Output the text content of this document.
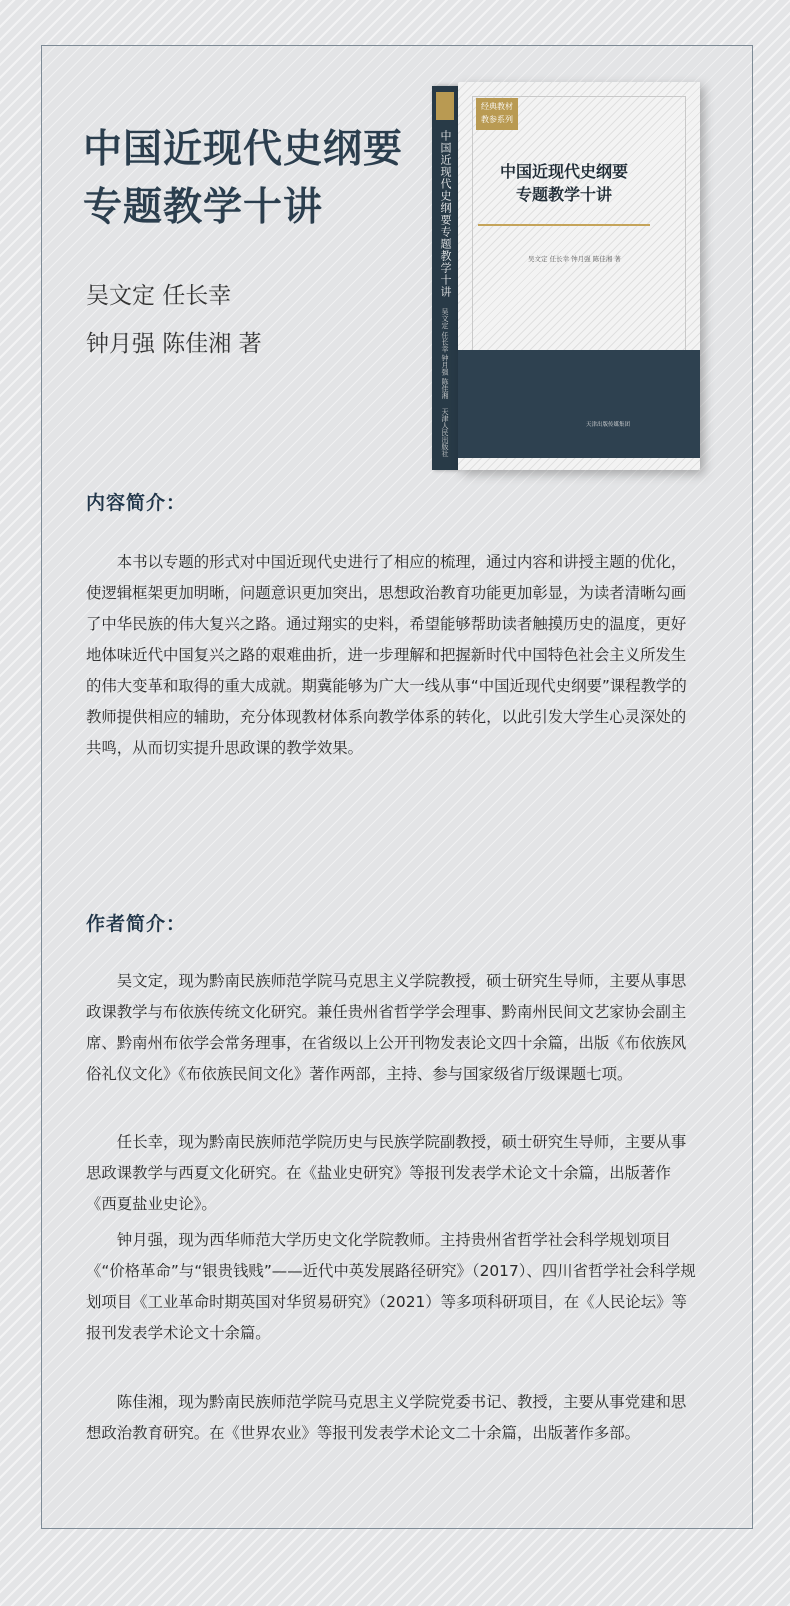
中国近现代史纲要
专题教学十讲
吴文定 任长幸
钟月强 陈佳湘 著
中国近现代史纲要专题教学十讲
吴文定 任长幸 钟月强 陈佳湘
天津人民出版社
经典教材 教参系列
中国近现代史纲要
专题教学十讲
吴文定 任长幸 钟月强 陈佳湘 著
天津出版传媒集团
内容简介：

本书以专题的形式对中国近现代史进行了相应的梳理，通过内容和讲授主题的优化，使逻辑框架更加明晰，问题意识更加突出，思想政治教育功能更加彰显，为读者清晰勾画了中华民族的伟大复兴之路。通过翔实的史料，希望能够帮助读者触摸历史的温度，更好地体味近代中国复兴之路的艰难曲折，进一步理解和把握新时代中国特色社会主义所发生的伟大变革和取得的重大成就。期冀能够为广大一线从事“中国近现代史纲要”课程教学的教师提供相应的辅助，充分体现教材体系向教学体系的转化，以此引发大学生心灵深处的共鸣，从而切实提升思政课的教学效果。

作者简介：

吴文定，现为黔南民族师范学院马克思主义学院教授，硕士研究生导师，主要从事思政课教学与布依族传统文化研究。兼任贵州省哲学学会理事、黔南州民间文艺家协会副主席、黔南州布依学会常务理事，在省级以上公开刊物发表论文四十余篇，出版《布依族风俗礼仪文化》《布依族民间文化》著作两部，主持、参与国家级省厅级课题七项。

任长幸，现为黔南民族师范学院历史与民族学院副教授，硕士研究生导师，主要从事思政课教学与西夏文化研究。在《盐业史研究》等报刊发表学术论文十余篇，出版著作《西夏盐业史论》。

钟月强，现为西华师范大学历史文化学院教师。主持贵州省哲学社会科学规划项目《“价格革命”与“银贵钱贱”——近代中英发展路径研究》（2017）、四川省哲学社会科学规划项目《工业革命时期英国对华贸易研究》（2021）等多项科研项目，在《人民论坛》等报刊发表学术论文十余篇。

陈佳湘，现为黔南民族师范学院马克思主义学院党委书记、教授，主要从事党建和思想政治教育研究。在《世界农业》等报刊发表学术论文二十余篇，出版著作多部。
